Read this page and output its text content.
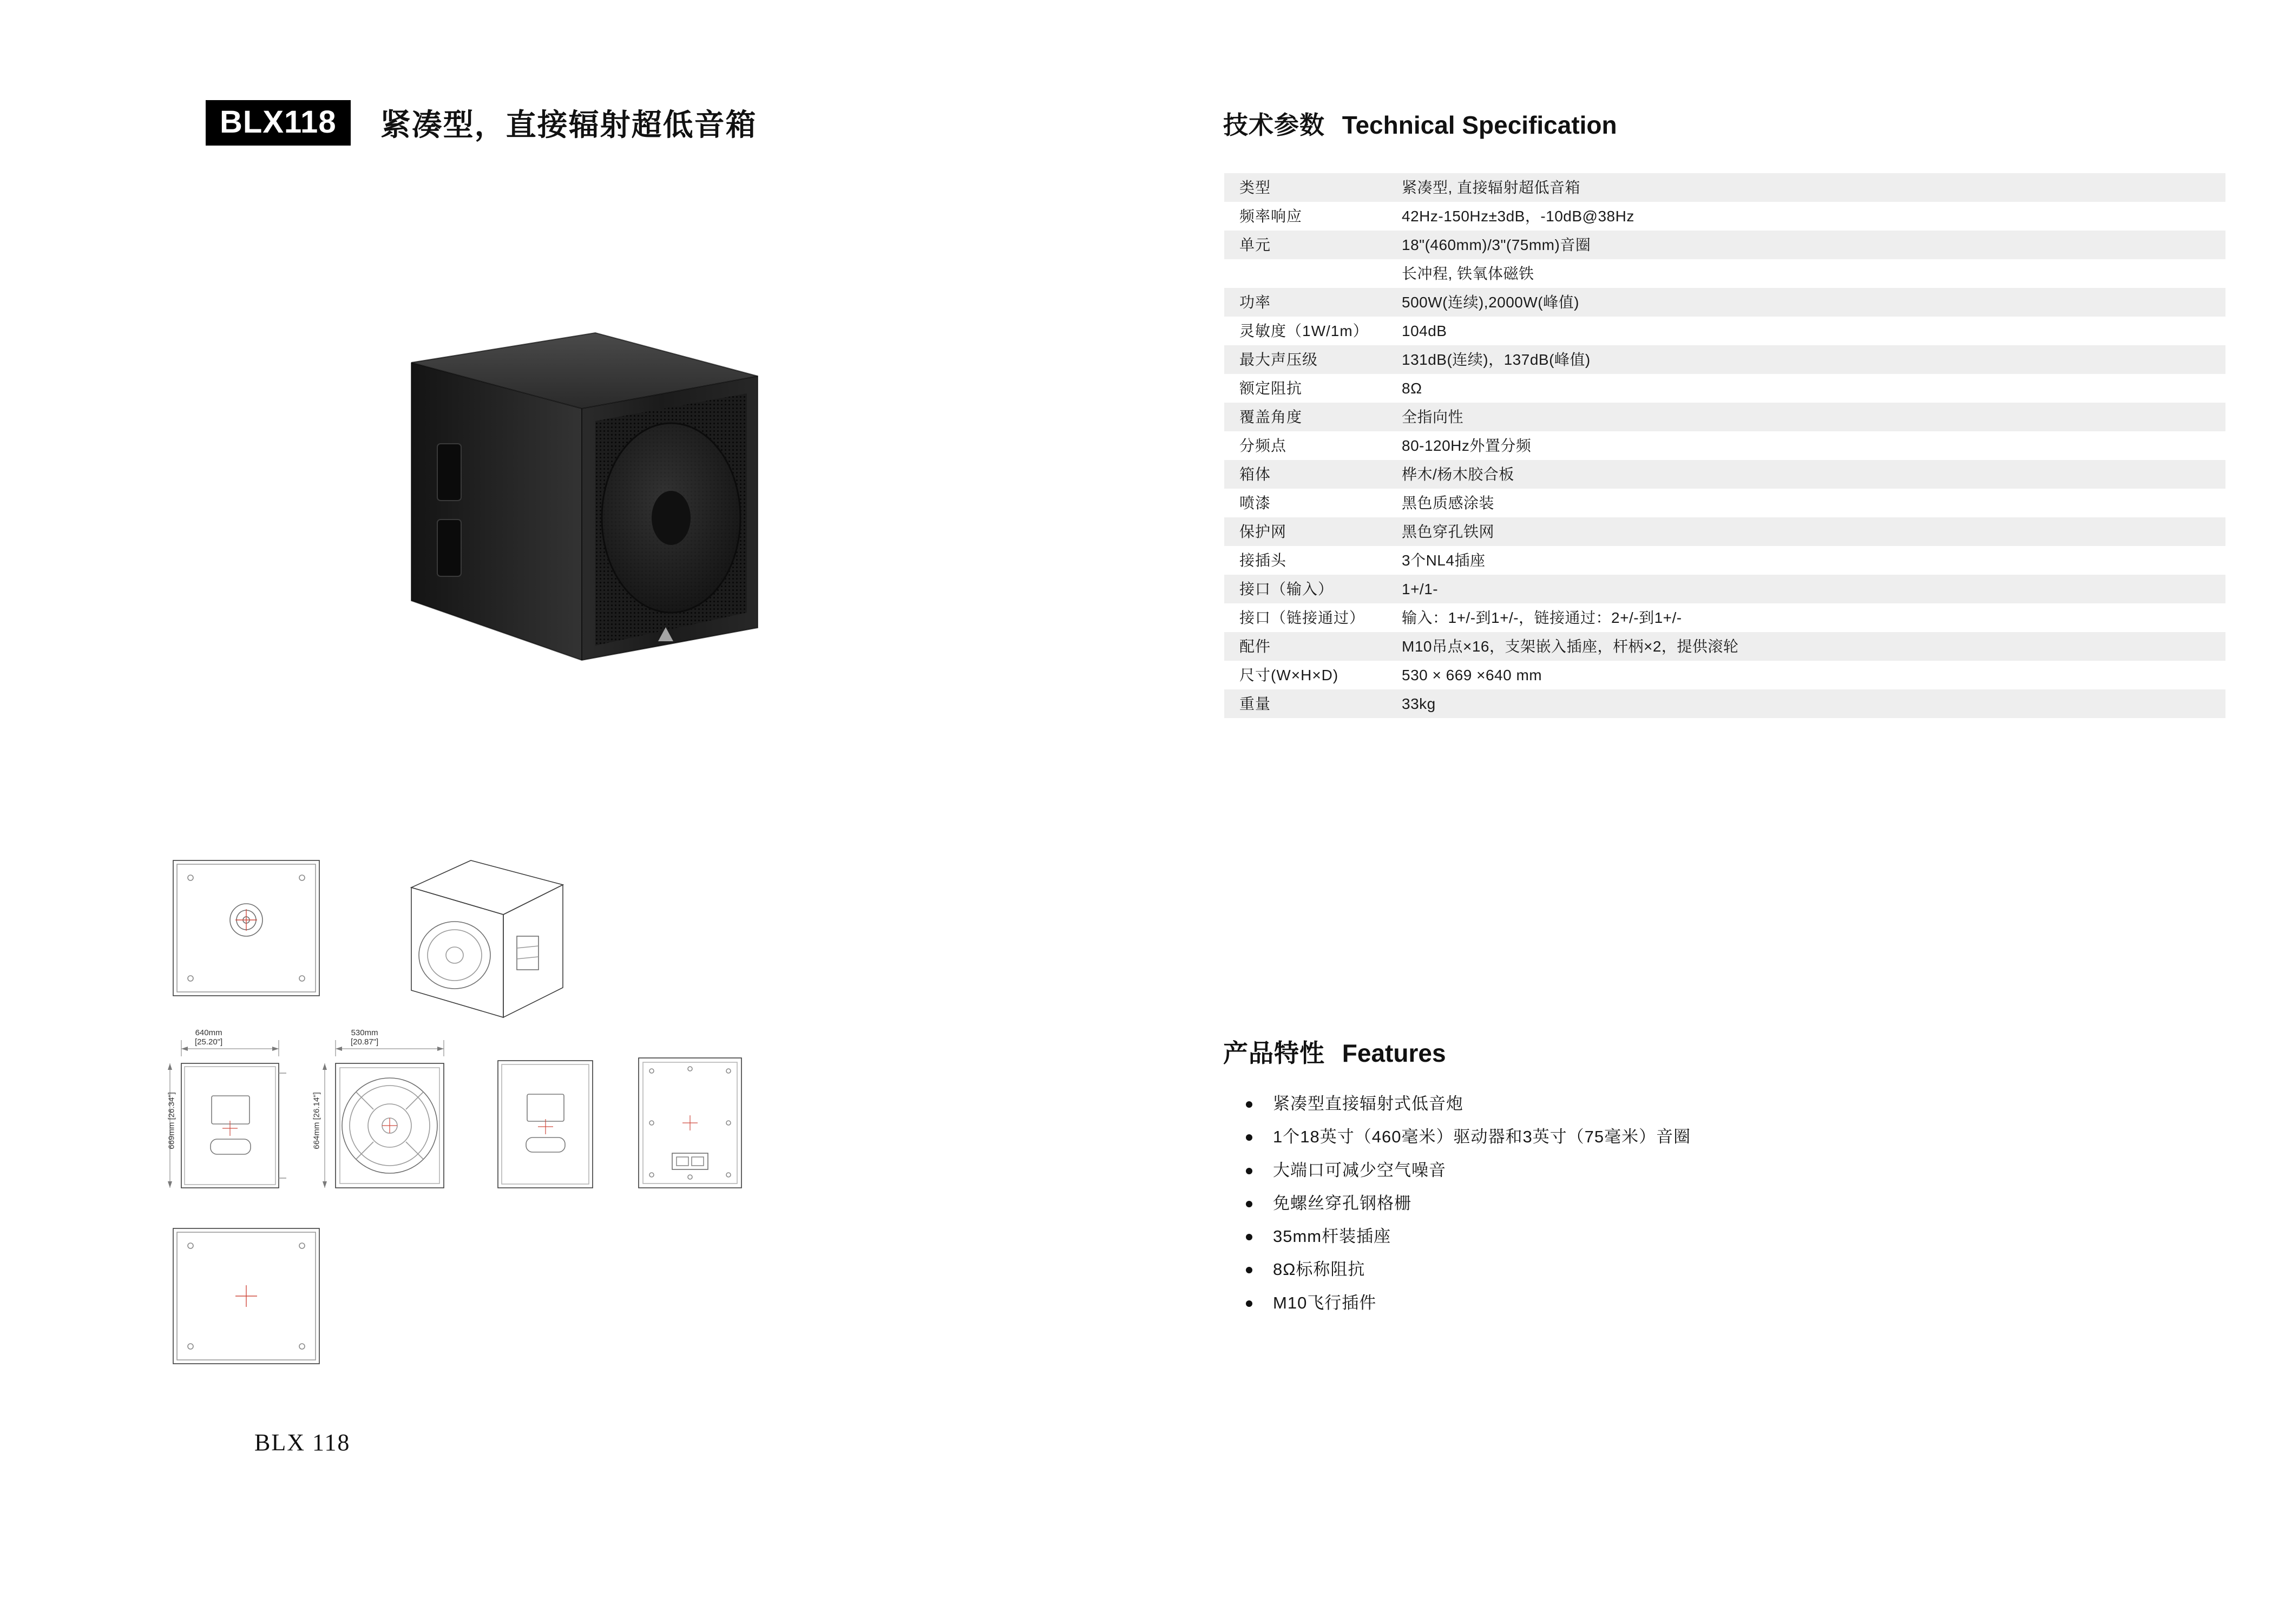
BLX118	紧凑型，直接辐射超低音箱
640mm
[25.20"]
530mm
[20.87"]
669mm [26.34"]
664mm [26.14"]
BLX 118
技术参数 Technical Specification
类型	紧凑型, 直接辐射超低音箱
频率响应	42Hz-150Hz±3dB，-10dB@38Hz
单元	18"(460mm)/3"(75mm)音圈
	长冲程, 铁氧体磁铁
功率	500W(连续),2000W(峰值)
灵敏度（1W/1m）	104dB
最大声压级	131dB(连续)，137dB(峰值)
额定阻抗	8Ω
覆盖角度	全指向性
分频点	80-120Hz外置分频
箱体	桦木/杨木胶合板
喷漆	黑色质感涂装
保护网	黑色穿孔铁网
接插头	3个NL4插座
接口（输入）	1+/1-
接口（链接通过）	输入：1+/-到1+/-，链接通过：2+/-到1+/-
配件	M10吊点×16，支架嵌入插座，杆柄×2，提供滚轮
尺寸(W×H×D)	530 × 669 ×640 mm
重量	33kg
产品特性 Features
紧凑型直接辐射式低音炮
1个18英寸（460毫米）驱动器和3英寸（75毫米）音圈
大端口可减少空气噪音
免螺丝穿孔钢格栅
35mm杆装插座
8Ω标称阻抗
M10飞行插件
